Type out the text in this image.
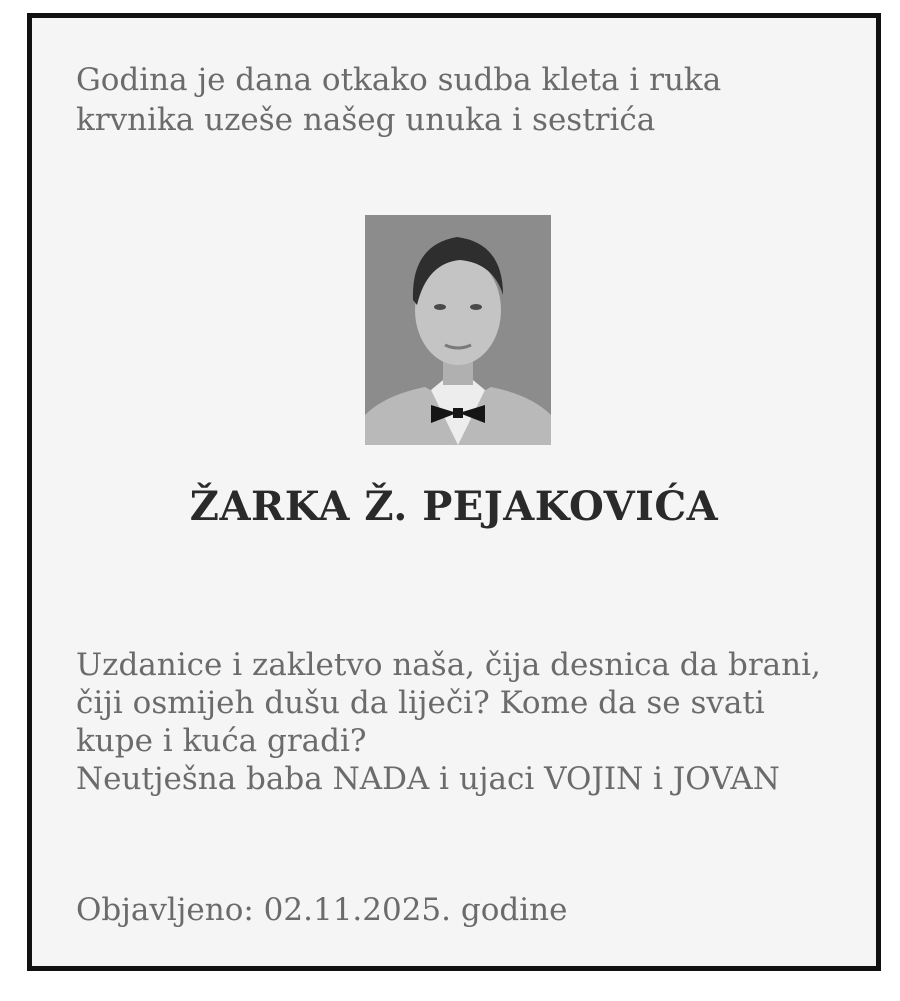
Godina je dana otkako sudba kleta i ruka
krvnika uzeše našeg unuka i sestrića
ŽARKA Ž. PEJAKOVIĆA
Uzdanice i zakletvo naša, čija desnica da brani,
čiji osmijeh dušu da liječi? Kome da se svati
kupe i kuća gradi?
Neutješna baba NADA i ujaci VOJIN i JOVAN
Objavljeno: 02.11.2025. godine
